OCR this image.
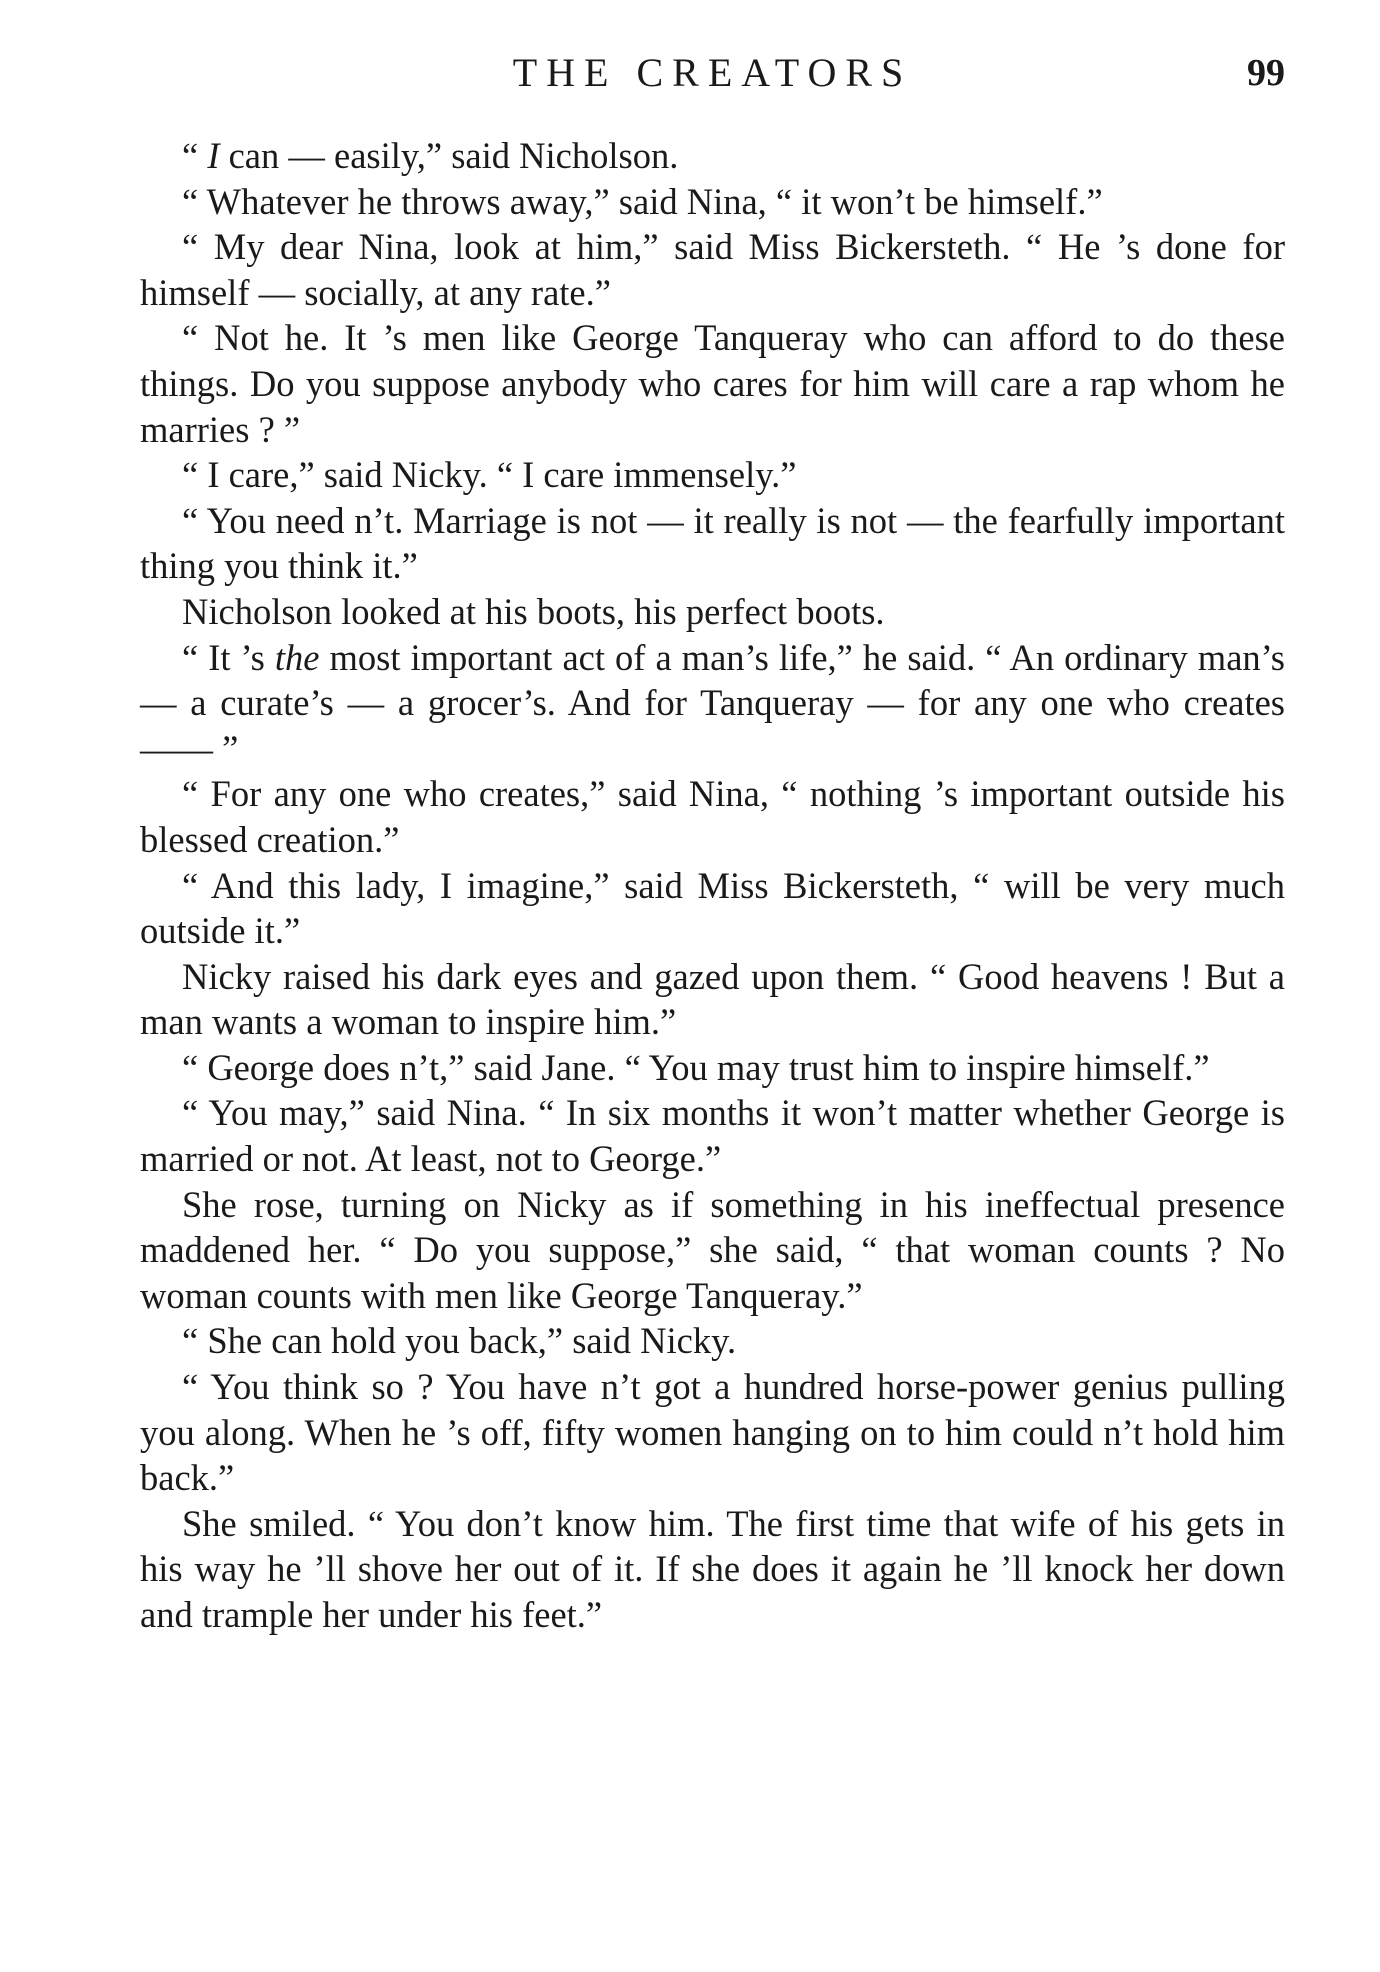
THE CREATORS	99

“ I can — easily,” said Nicholson.

“ Whatever he throws away,” said Nina, “ it won’t be himself.”

“ My dear Nina, look at him,” said Miss Bickersteth. “ He ’s done for himself — socially, at any rate.”

“ Not he. It ’s men like George Tanqueray who can afford to do these things. Do you suppose anybody who cares for him will care a rap whom he marries ? ”

“ I care,” said Nicky. “ I care immensely.”

“ You need n’t. Marriage is not — it really is not — the fearfully important thing you think it.”

Nicholson looked at his boots, his perfect boots.

“ It ’s the most important act of a man’s life,” he said. “ An ordinary man’s — a curate’s — a grocer’s. And for Tanqueray — for any one who creates —— ”

“ For any one who creates,” said Nina, “ nothing ’s important outside his blessed creation.”

“ And this lady, I imagine,” said Miss Bickersteth, “ will be very much outside it.”

Nicky raised his dark eyes and gazed upon them. “ Good heavens ! But a man wants a woman to inspire him.”

“ George does n’t,” said Jane. “ You may trust him to inspire himself.”

“ You may,” said Nina. “ In six months it won’t matter whether George is married or not. At least, not to George.”

She rose, turning on Nicky as if something in his ineffectual presence maddened her. “ Do you suppose,” she said, “ that woman counts ? No woman counts with men like George Tanqueray.”

“ She can hold you back,” said Nicky.

“ You think so ? You have n’t got a hundred horse-power genius pulling you along. When he ’s off, fifty women hanging on to him could n’t hold him back.”

She smiled. “ You don’t know him. The first time that wife of his gets in his way he ’ll shove her out of it. If she does it again he ’ll knock her down and trample her under his feet.”
